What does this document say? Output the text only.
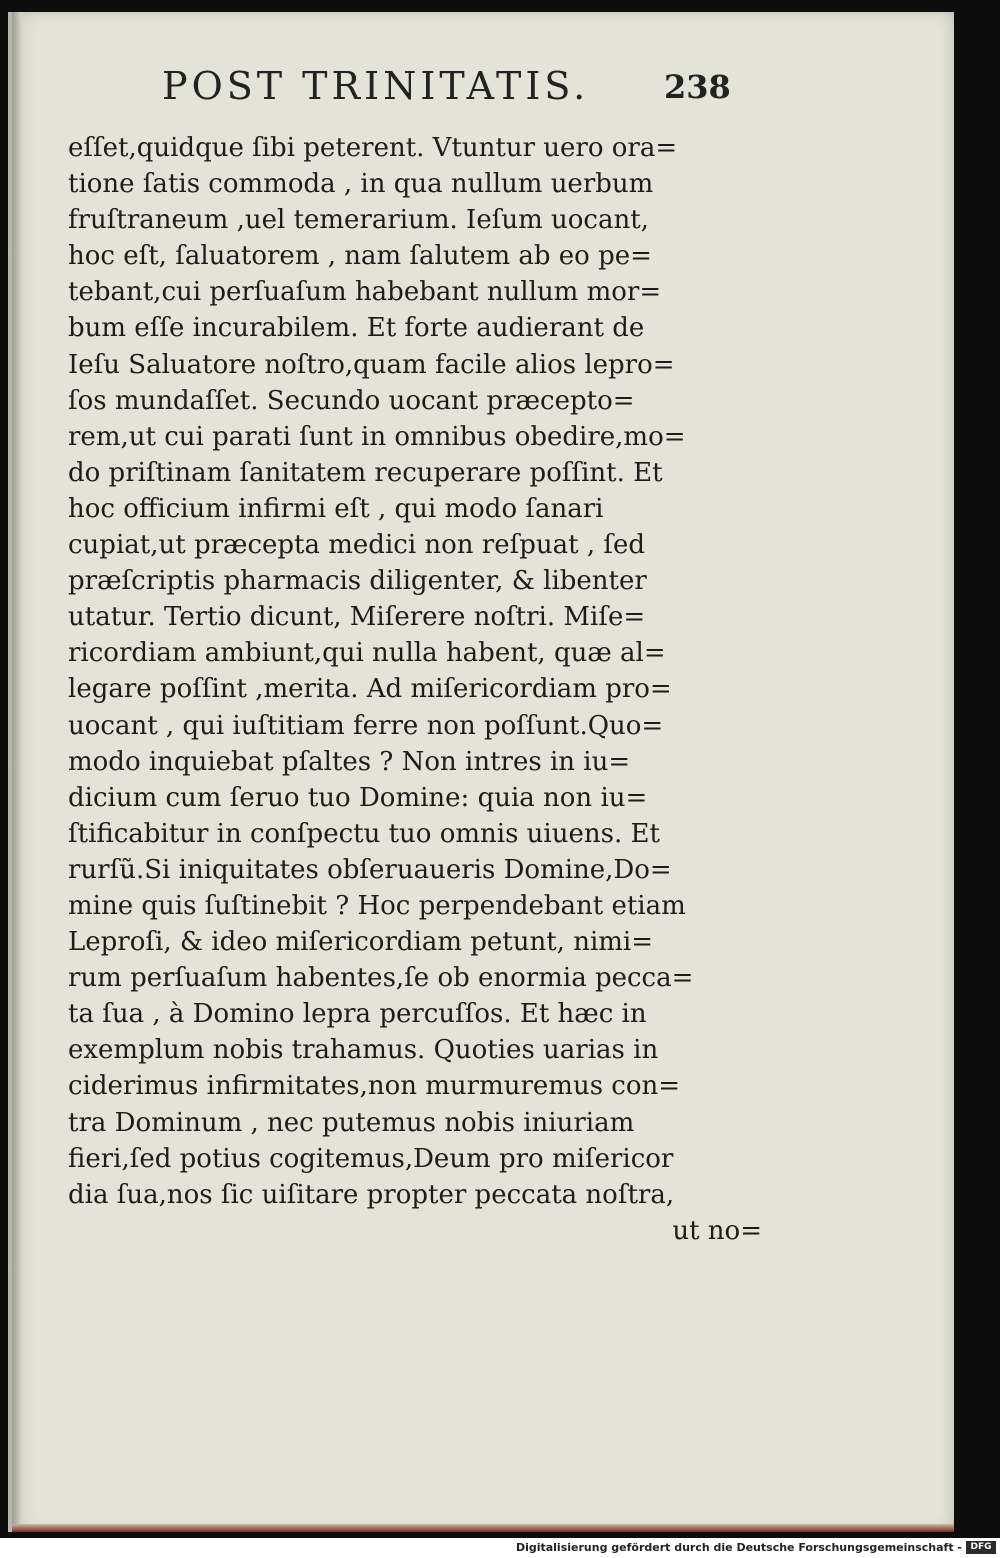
POST TRINITATIS. 238
eſſet,quidque ſibi peterent. Vtuntur uero ora=
tione ſatis commoda , in qua nullum uerbum
fruſtraneum ,uel temerarium. Ieſum uocant,
hoc eſt, ſaluatorem , nam ſalutem ab eo pe=
tebant,cui perſuaſum habebant nullum mor=
bum eſſe incurabilem. Et forte audierant de
Ieſu Saluatore noſtro,quam facile alios lepro=
ſos mundaſſet. Secundo uocant præcepto=
rem,ut cui parati ſunt in omnibus obedire,mo=
do priſtinam ſanitatem recuperare poſſint. Et
hoc officium infirmi eſt , qui modo ſanari
cupiat,ut præcepta medici non reſpuat , ſed
præſcriptis pharmacis diligenter, & libenter
utatur. Tertio dicunt, Miſerere noſtri. Miſe=
ricordiam ambiunt,qui nulla habent, quæ al=
legare poſſint ,merita. Ad miſericordiam pro=
uocant , qui iuſtitiam ferre non poſſunt.Quo=
modo inquiebat pſaltes ? Non intres in iu=
dicium cum ſeruo tuo Domine: quia non iu=
ſtificabitur in conſpectu tuo omnis uiuens. Et
rurſũ.Si iniquitates obſeruaueris Domine,Do=
mine quis ſuſtinebit ? Hoc perpendebant etiam
Leproſi, & ideo miſericordiam petunt, nimi=
rum perſuaſum habentes,ſe ob enormia pecca=
ta ſua , à Domino lepra percuſſos. Et hæc in
exemplum nobis trahamus. Quoties uarias in
ciderimus infirmitates,non murmuremus con=
tra Dominum , nec putemus nobis iniuriam
fieri,ſed potius cogitemus,Deum pro miſericor
dia ſua,nos ſic uiſitare propter peccata noſtra,
ut no=
Digitalisierung gefördert durch die Deutsche Forschungsgemeinschaft - DFG
